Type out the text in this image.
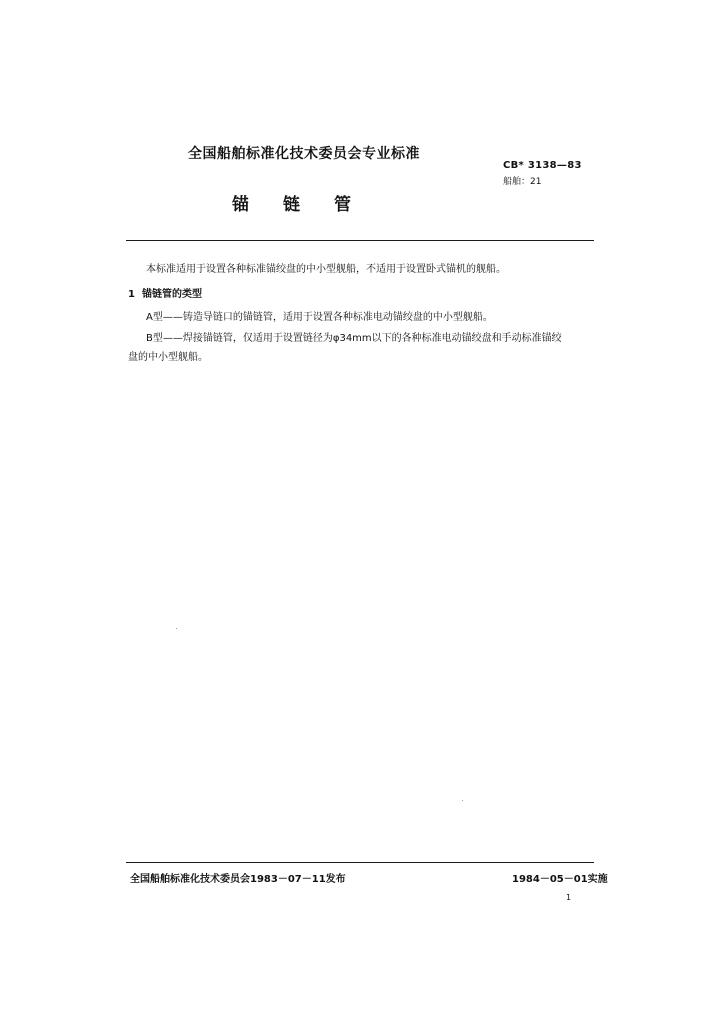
全国船舶标准化技术委员会专业标准
CB* 3138—83
船舶：21
锚 链 管
本标准适用于设置各种标准锚绞盘的中小型舰船，不适用于设置卧式锚机的舰船。
1 锚链管的类型
A型——铸造导链口的锚链管，适用于设置各种标准电动锚绞盘的中小型舰船。
B型——焊接锚链管，仅适用于设置链径为φ34mm以下的各种标准电动锚绞盘和手动标准锚绞
盘的中小型舰船。
全国船舶标准化技术委员会1983－07－11发布	1984－05－01实施
1
